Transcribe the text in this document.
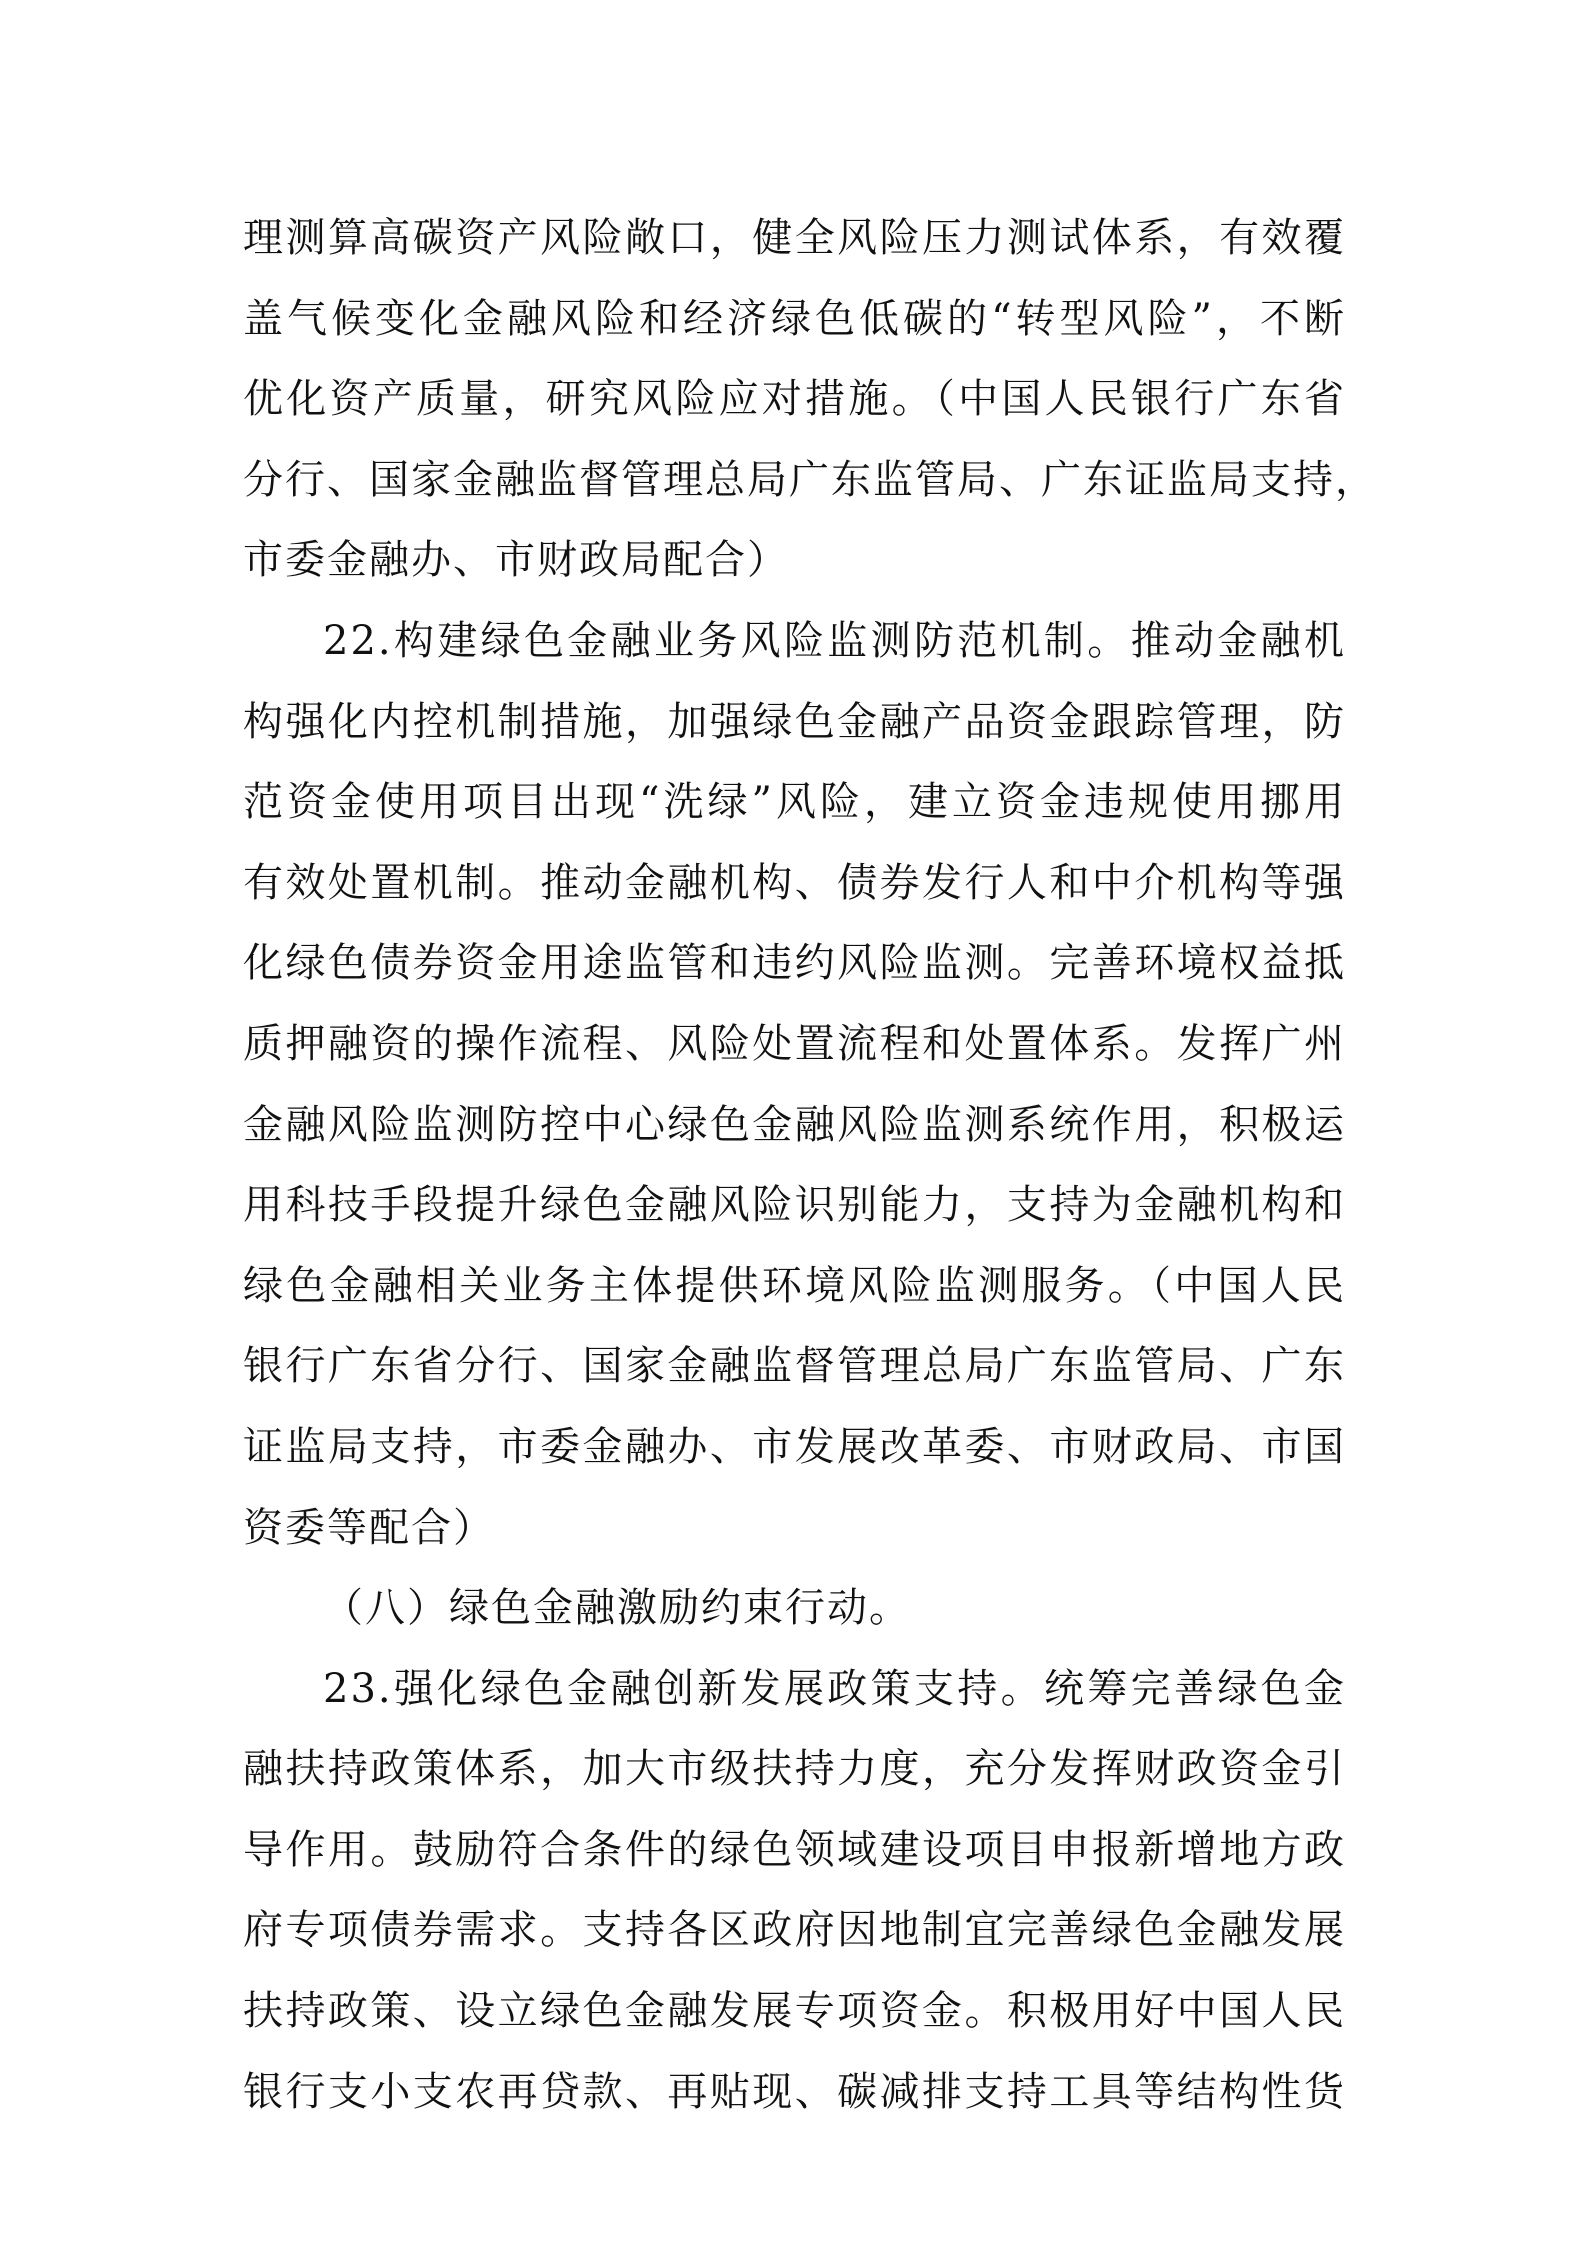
理测算高碳资产风险敞口，健全风险压力测试体系，有效覆
盖气候变化金融风险和经济绿色低碳的“转型风险”，不断
优化资产质量，研究风险应对措施。（中国人民银行广东省
分行、国家金融监督管理总局广东监管局、广东证监局支持，
市委金融办、市财政局配合）
22.构建绿色金融业务风险监测防范机制。推动金融机
构强化内控机制措施，加强绿色金融产品资金跟踪管理，防
范资金使用项目出现“洗绿”风险，建立资金违规使用挪用
有效处置机制。推动金融机构、债券发行人和中介机构等强
化绿色债券资金用途监管和违约风险监测。完善环境权益抵
质押融资的操作流程、风险处置流程和处置体系。发挥广州
金融风险监测防控中心绿色金融风险监测系统作用，积极运
用科技手段提升绿色金融风险识别能力，支持为金融机构和
绿色金融相关业务主体提供环境风险监测服务。（中国人民
银行广东省分行、国家金融监督管理总局广东监管局、广东
证监局支持，市委金融办、市发展改革委、市财政局、市国
资委等配合）
（八）绿色金融激励约束行动。
23.强化绿色金融创新发展政策支持。统筹完善绿色金
融扶持政策体系，加大市级扶持力度，充分发挥财政资金引
导作用。鼓励符合条件的绿色领域建设项目申报新增地方政
府专项债券需求。支持各区政府因地制宜完善绿色金融发展
扶持政策、设立绿色金融发展专项资金。积极用好中国人民
银行支小支农再贷款、再贴现、碳减排支持工具等结构性货
